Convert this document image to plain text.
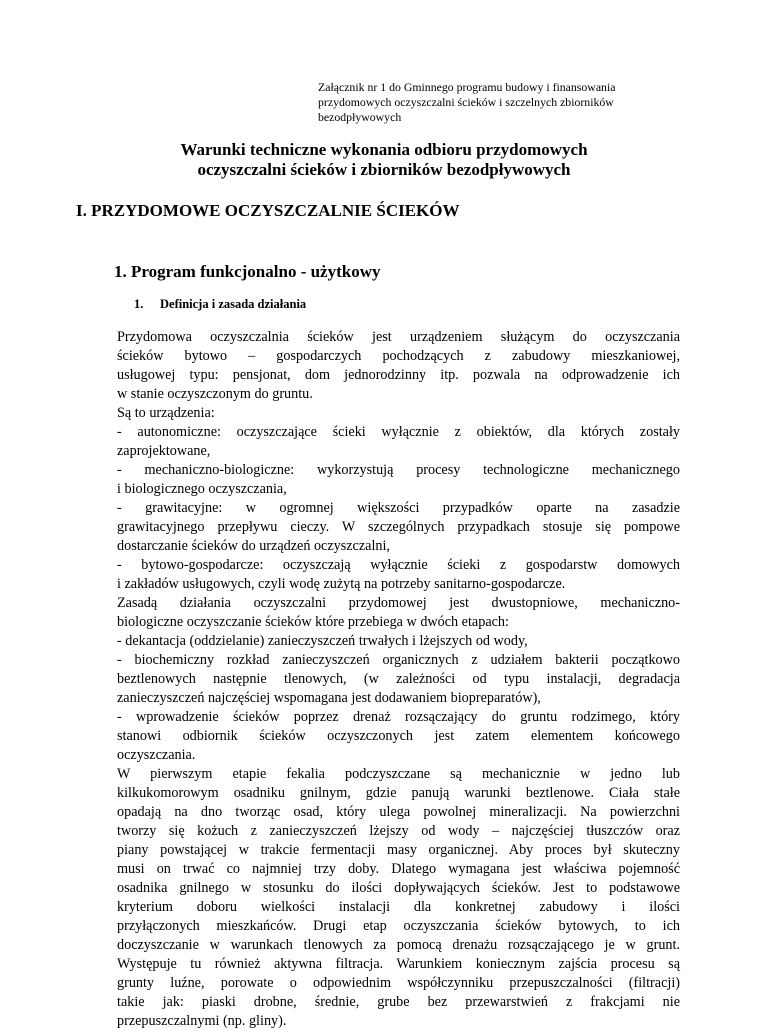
Załącznik nr 1 do Gminnego programu budowy i finansowania
przydomowych oczyszczalni ścieków i szczelnych zbiorników
bezodpływowych
Warunki techniczne wykonania odbioru przydomowych
oczyszczalni ścieków i zbiorników bezodpływowych
I. PRZYDOMOWE OCZYSZCZALNIE ŚCIEKÓW
1. Program funkcjonalno - użytkowy
1. Definicja i zasada działania
Przydomowa oczyszczalnia ścieków jest urządzeniem służącym do oczyszczania
ścieków bytowo – gospodarczych pochodzących z zabudowy mieszkaniowej,
usługowej typu: pensjonat, dom jednorodzinny itp. pozwala na odprowadzenie ich
w stanie oczyszczonym do gruntu.
Są to urządzenia:
- autonomiczne: oczyszczające ścieki wyłącznie z obiektów, dla których zostały
zaprojektowane,
- mechaniczno-biologiczne: wykorzystują procesy technologiczne mechanicznego
i biologicznego oczyszczania,
- grawitacyjne: w ogromnej większości przypadków oparte na zasadzie
grawitacyjnego przepływu cieczy. W szczególnych przypadkach stosuje się pompowe
dostarczanie ścieków do urządzeń oczyszczalni,
- bytowo-gospodarcze: oczyszczają wyłącznie ścieki z gospodarstw domowych
i zakładów usługowych, czyli wodę zużytą na potrzeby sanitarno-gospodarcze.
Zasadą działania oczyszczalni przydomowej jest dwustopniowe, mechaniczno-
biologiczne oczyszczanie ścieków które przebiega w dwóch etapach:
- dekantacja (oddzielanie) zanieczyszczeń trwałych i lżejszych od wody,
- biochemiczny rozkład zanieczyszczeń organicznych z udziałem bakterii początkowo
beztlenowych następnie tlenowych, (w zależności od typu instalacji, degradacja
zanieczyszczeń najczęściej wspomagana jest dodawaniem biopreparatów),
- wprowadzenie ścieków poprzez drenaż rozsączający do gruntu rodzimego, który
stanowi odbiornik ścieków oczyszczonych jest zatem elementem końcowego
oczyszczania.
W pierwszym etapie fekalia podczyszczane są mechanicznie w jedno lub
kilkukomorowym osadniku gnilnym, gdzie panują warunki beztlenowe. Ciała stałe
opadają na dno tworząc osad, który ulega powolnej mineralizacji. Na powierzchni
tworzy się kożuch z zanieczyszczeń lżejszy od wody – najczęściej tłuszczów oraz
piany powstającej w trakcie fermentacji masy organicznej. Aby proces był skuteczny
musi on trwać co najmniej trzy doby. Dlatego wymagana jest właściwa pojemność
osadnika gnilnego w stosunku do ilości dopływających ścieków. Jest to podstawowe
kryterium doboru wielkości instalacji dla konkretnej zabudowy i ilości
przyłączonych mieszkańców. Drugi etap oczyszczania ścieków bytowych, to ich
doczyszczanie w warunkach tlenowych za pomocą drenażu rozsączającego je w grunt.
Występuje tu również aktywna filtracja. Warunkiem koniecznym zajścia procesu są
grunty luźne, porowate o odpowiednim współczynniku przepuszczalności (filtracji)
takie jak: piaski drobne, średnie, grube bez przewarstwień z frakcjami nie
przepuszczalnymi (np. gliny).
